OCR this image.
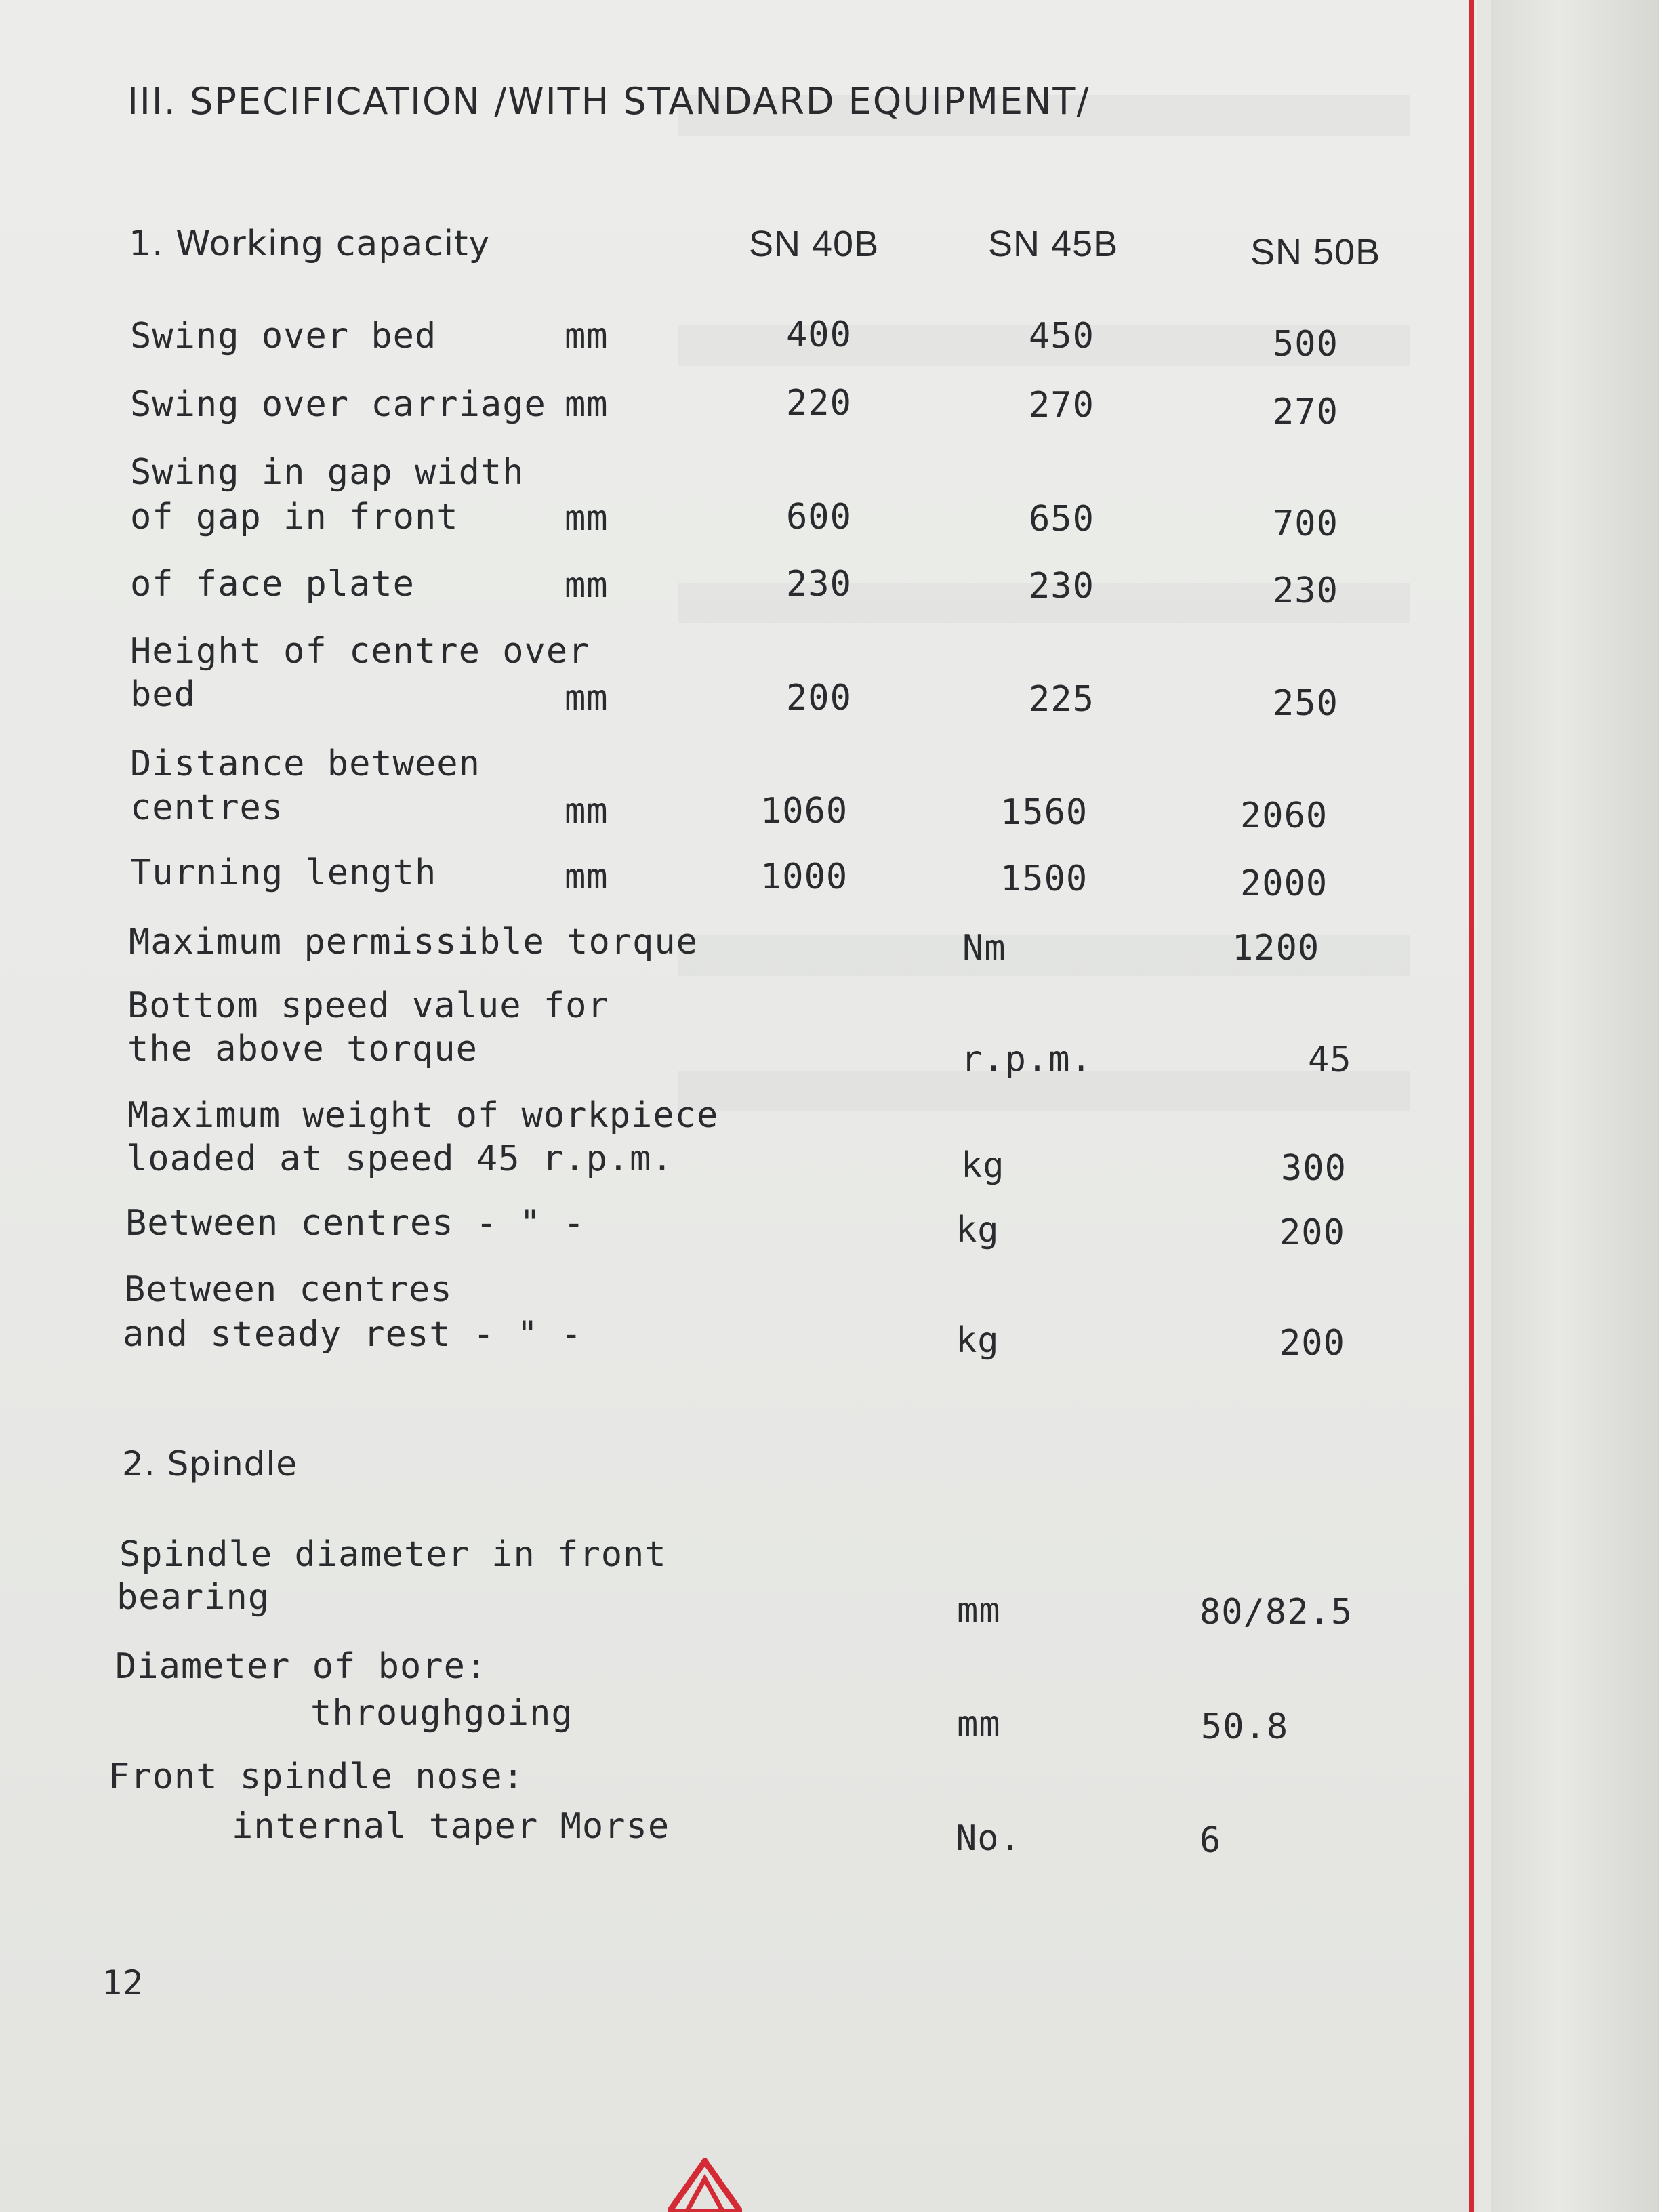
III. SPECIFICATION /WITH STANDARD EQUIPMENT/
1. Working capacity	SN 40B	SN 45B	SN 50B
Swing over bed	mm	400	450	500
Swing over carriage mm	220	270	270
Swing in gap width
of gap in front	mm	600	650	700
of face plate	mm	230	230	230
Height of centre over
bed	mm	200	225	250
Distance between
centres	mm	1060	1560	2060
Turning length	mm	1000	1500	2000
Maximum permissible torque	Nm	1200
Bottom speed value for
the above torque	r.p.m.	45
Maximum weight of workpiece
loaded at speed 45 r.p.m.	kg	300
Between centres - " -	kg	200
Between centres
and steady rest - " -	kg	200
2. Spindle
Spindle diameter in front
bearing	mm	80/82.5
Diameter of bore:
throughgoing	mm	50.8
Front spindle nose:
internal taper Morse	No.	6
12
